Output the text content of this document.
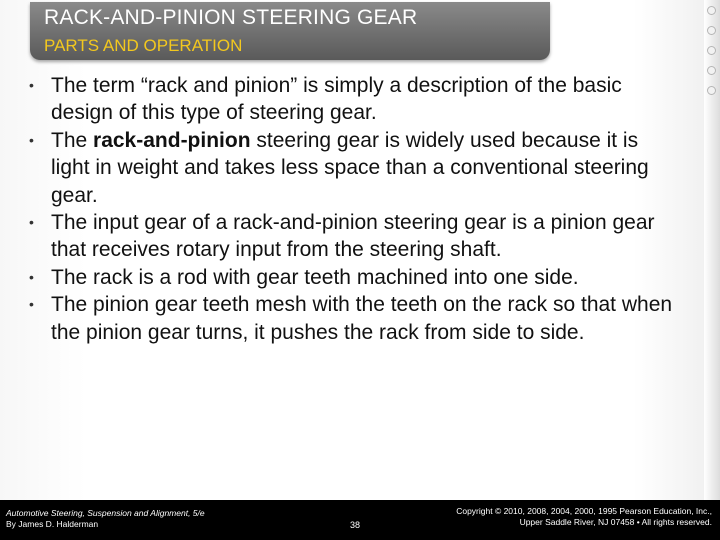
RACK-AND-PINION STEERING GEAR
PARTS AND OPERATION
• The term “rack and pinion” is simply a description of the basic design of this type of steering gear.
• The rack-and-pinion steering gear is widely used because it is light in weight and takes less space than a conventional steering gear.
• The input gear of a rack-and-pinion steering gear is a pinion gear that receives rotary input from the steering shaft.
• The rack is a rod with gear teeth machined into one side.
• The pinion gear teeth mesh with the teeth on the rack so that when the pinion gear turns, it pushes the rack from side to side.
Automotive Steering, Suspension and Alignment, 5/e
By James D. Halderman	38
Copyright © 2010, 2008, 2004, 2000, 1995 Pearson Education, Inc.,
Upper Saddle River, NJ 07458 • All rights reserved.
